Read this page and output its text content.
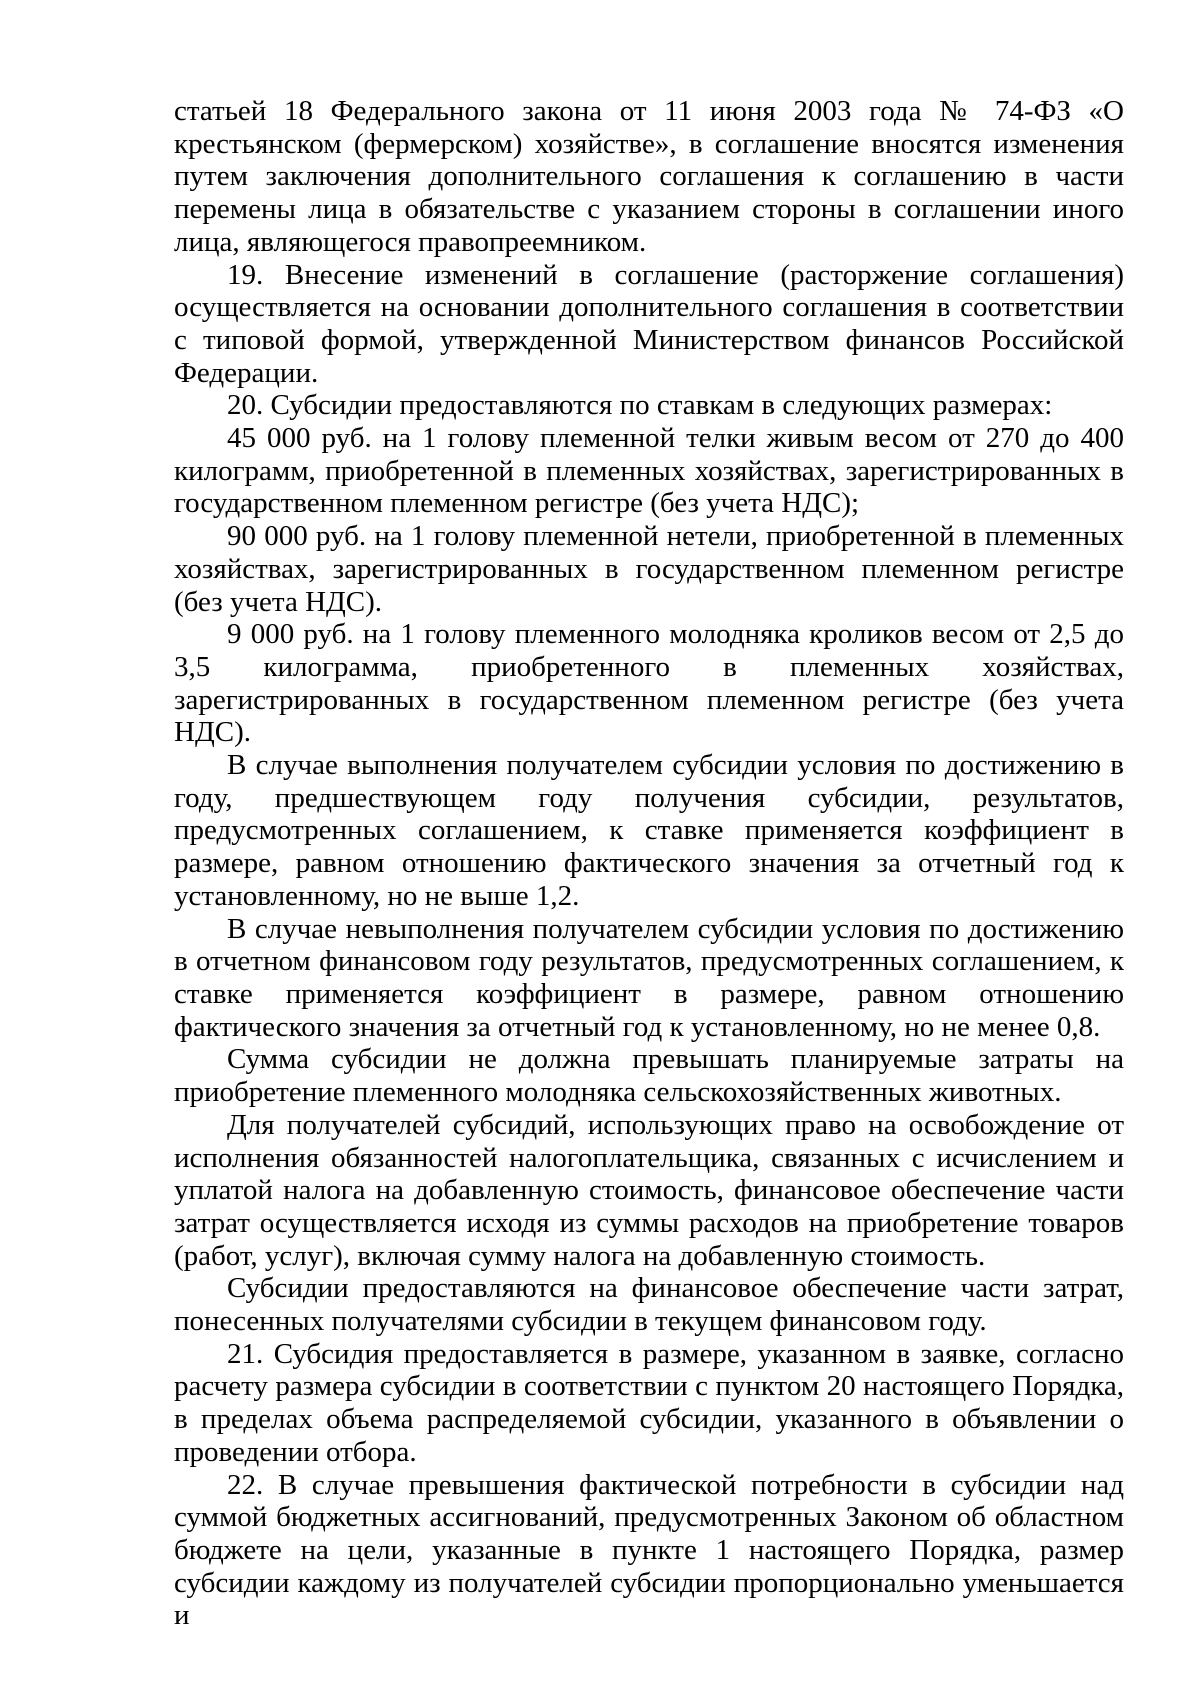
статьей 18 Федерального закона от 11 июня 2003 года № 74-ФЗ «О крестьянском (фермерском) хозяйстве», в соглашение вносятся изменения путем заключения дополнительного соглашения к соглашению в части перемены лица в обязательстве с указанием стороны в соглашении иного лица, являющегося правопреемником.

19. Внесение изменений в соглашение (расторжение соглашения) осуществляется на основании дополнительного соглашения в соответствии с типовой формой, утвержденной Министерством финансов Российской Федерации.

20. Субсидии предоставляются по ставкам в следующих размерах:

45 000 руб. на 1 голову племенной телки живым весом от 270 до 400 килограмм, приобретенной в племенных хозяйствах, зарегистрированных в государственном племенном регистре (без учета НДС);

90 000 руб. на 1 голову племенной нетели, приобретенной в племенных хозяйствах, зарегистрированных в государственном племенном регистре (без учета НДС).

9 000 руб. на 1 голову племенного молодняка кроликов весом от 2,5 до 3,5 килограмма, приобретенного в племенных хозяйствах, зарегистрированных в государственном племенном регистре (без учета НДС).

В случае выполнения получателем субсидии условия по достижению в году, предшествующем году получения субсидии, результатов, предусмотренных соглашением, к ставке применяется коэффициент в размере, равном отношению фактического значения за отчетный год к установленному, но не выше 1,2.

В случае невыполнения получателем субсидии условия по достижению в отчетном финансовом году результатов, предусмотренных соглашением, к ставке применяется коэффициент в размере, равном отношению фактического значения за отчетный год к установленному, но не менее 0,8.

Сумма субсидии не должна превышать планируемые затраты на приобретение племенного молодняка сельскохозяйственных животных.

Для получателей субсидий, использующих право на освобождение от исполнения обязанностей налогоплательщика, связанных с исчислением и уплатой налога на добавленную стоимость, финансовое обеспечение части затрат осуществляется исходя из суммы расходов на приобретение товаров (работ, услуг), включая сумму налога на добавленную стоимость.

Субсидии предоставляются на финансовое обеспечение части затрат, понесенных получателями субсидии в текущем финансовом году.

21. Субсидия предоставляется в размере, указанном в заявке, согласно расчету размера субсидии в соответствии с пунктом 20 настоящего Порядка, в пределах объема распределяемой субсидии, указанного в объявлении о проведении отбора.

22. В случае превышения фактической потребности в субсидии над суммой бюджетных ассигнований, предусмотренных Законом об областном бюджете на цели, указанные в пункте 1 настоящего Порядка, размер субсидии каждому из получателей субсидии пропорционально уменьшается и
